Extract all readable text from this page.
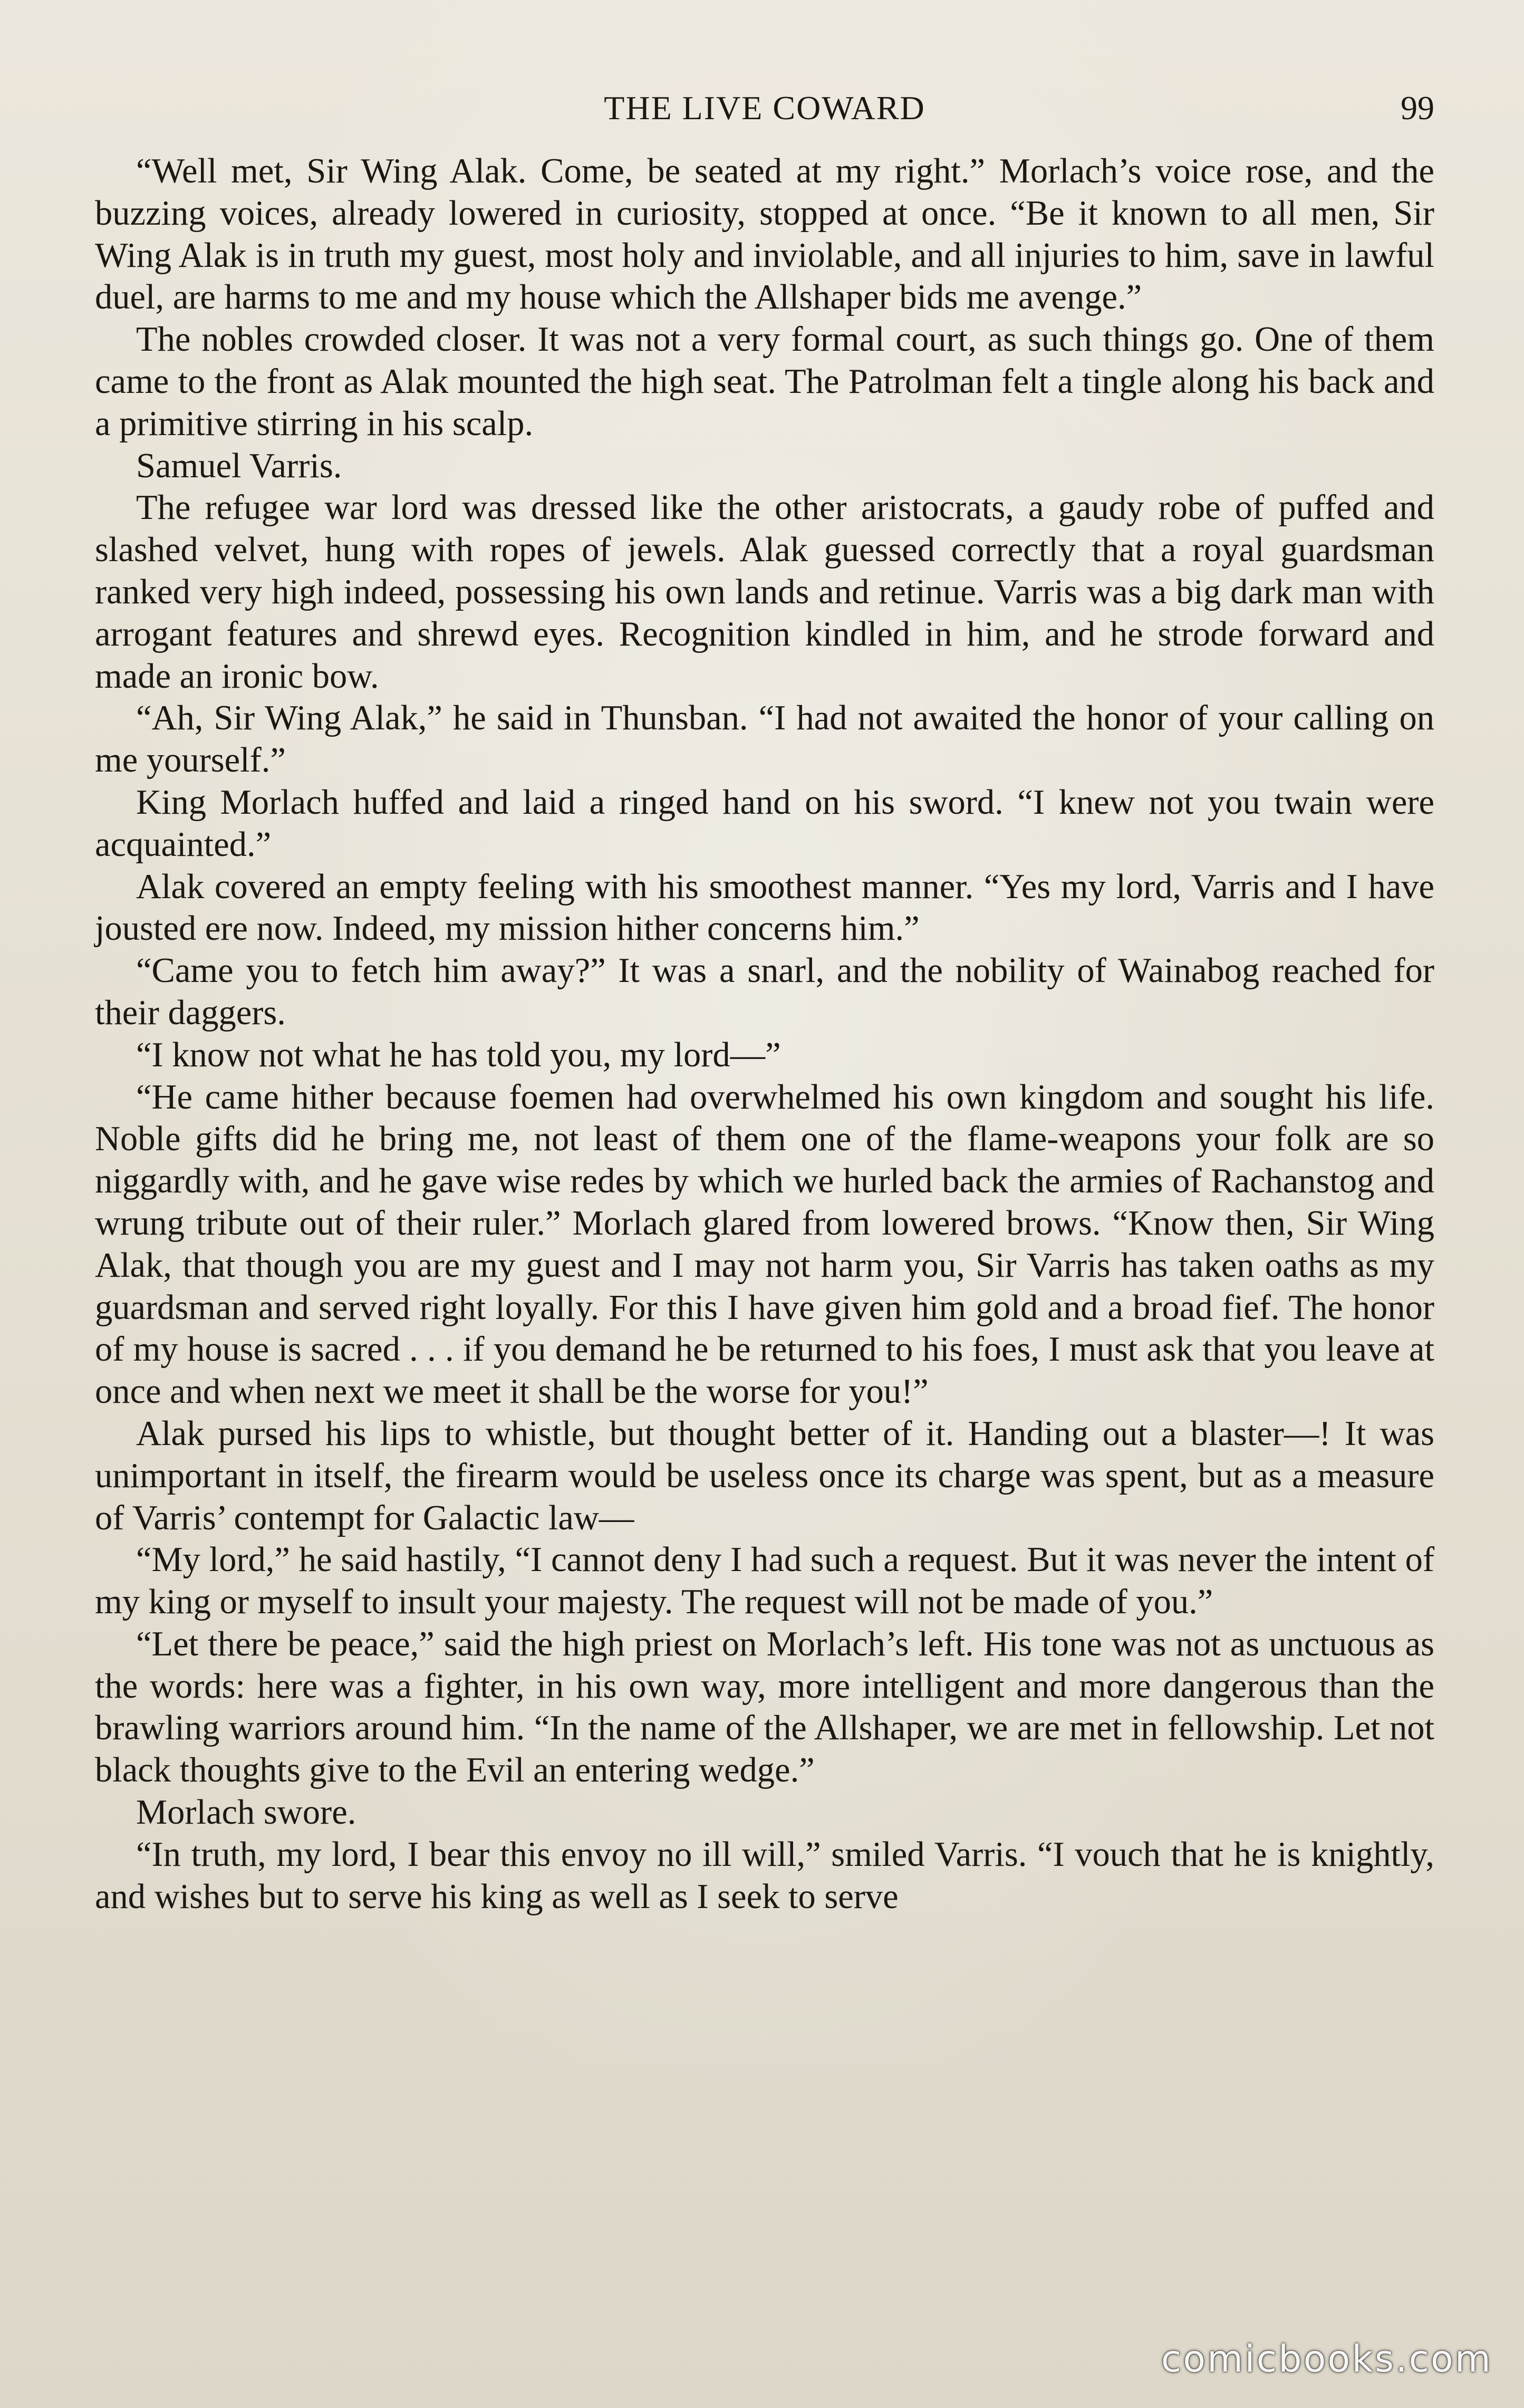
THE LIVE COWARD	99

“Well met, Sir Wing Alak. Come, be seated at my right.” Morlach’s voice rose, and the buzzing voices, already lowered in curiosity, stopped at once. “Be it known to all men, Sir Wing Alak is in truth my guest, most holy and inviolable, and all injuries to him, save in lawful duel, are harms to me and my house which the Allshaper bids me avenge.”

The nobles crowded closer. It was not a very formal court, as such things go. One of them came to the front as Alak mounted the high seat. The Patrolman felt a tingle along his back and a primitive stirring in his scalp.

Samuel Varris.

The refugee war lord was dressed like the other aristocrats, a gaudy robe of puffed and slashed velvet, hung with ropes of jewels. Alak guessed correctly that a royal guardsman ranked very high indeed, possessing his own lands and retinue. Varris was a big dark man with arrogant features and shrewd eyes. Recognition kindled in him, and he strode forward and made an ironic bow.

“Ah, Sir Wing Alak,” he said in Thunsban. “I had not awaited the honor of your calling on me yourself.”

King Morlach huffed and laid a ringed hand on his sword. “I knew not you twain were acquainted.”

Alak covered an empty feeling with his smoothest manner. “Yes my lord, Varris and I have jousted ere now. Indeed, my mission hither concerns him.”

“Came you to fetch him away?” It was a snarl, and the nobility of Wainabog reached for their daggers.

“I know not what he has told you, my lord—”

“He came hither because foemen had overwhelmed his own kingdom and sought his life. Noble gifts did he bring me, not least of them one of the flame-weapons your folk are so niggardly with, and he gave wise redes by which we hurled back the armies of Rachanstog and wrung tribute out of their ruler.” Morlach glared from lowered brows. “Know then, Sir Wing Alak, that though you are my guest and I may not harm you, Sir Varris has taken oaths as my guardsman and served right loyally. For this I have given him gold and a broad fief. The honor of my house is sacred . . . if you demand he be returned to his foes, I must ask that you leave at once and when next we meet it shall be the worse for you!”

Alak pursed his lips to whistle, but thought better of it. Handing out a blaster—! It was unimportant in itself, the firearm would be useless once its charge was spent, but as a measure of Varris’ contempt for Galactic law—

“My lord,” he said hastily, “I cannot deny I had such a request. But it was never the intent of my king or myself to insult your majesty. The request will not be made of you.”

“Let there be peace,” said the high priest on Morlach’s left. His tone was not as unctuous as the words: here was a fighter, in his own way, more intelligent and more dangerous than the brawling warriors around him. “In the name of the Allshaper, we are met in fellowship. Let not black thoughts give to the Evil an entering wedge.”

Morlach swore.

“In truth, my lord, I bear this envoy no ill will,” smiled Varris. “I vouch that he is knightly, and wishes but to serve his king as well as I seek to serve

comicbooks.com
